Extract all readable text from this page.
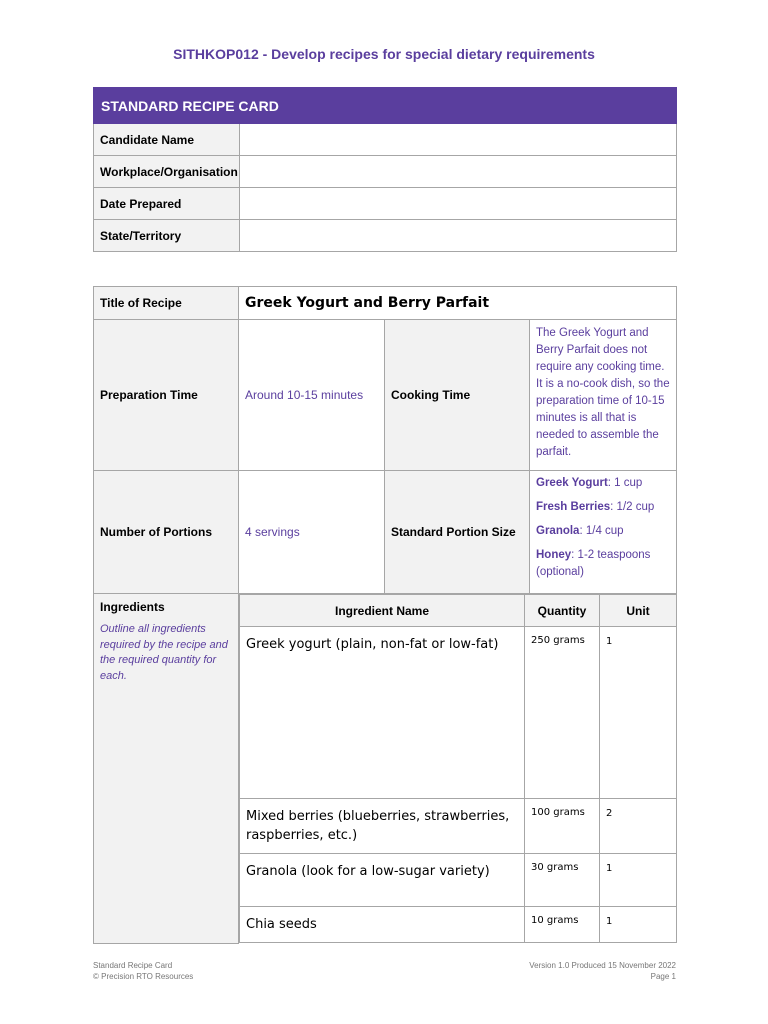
SITHKOP012 - Develop recipes for special dietary requirements
STANDARD RECIPE CARD	
Candidate Name	
Workplace/Organisation	
Date Prepared	
State/Territory	
Title of Recipe	Greek Yogurt and Berry Parfait
Preparation Time	Around 10-15 minutes	Cooking Time	The Greek Yogurt and Berry Parfait does not require any cooking time. It is a no-cook dish, so the preparation time of 10-15 minutes is all that is needed to assemble the parfait.
Number of Portions	4 servings	Standard Portion Size	
Greek Yogurt: 1 cup
Fresh Berries: 1/2 cup
Granola: 1/4 cup
Honey: 1-2 teaspoons (optional)

Ingredients
Outline all ingredients required by the recipe and the required quantity for each.

Ingredient Name	Quantity	Unit
Greek yogurt (plain, non-fat or low-fat)	250 grams	1
Mixed berries (blueberries, strawberries, raspberries, etc.)	100 grams	2
Granola (look for a low-sugar variety)	30 grams	1
Chia seeds	10 grams	1
Standard Recipe Card
© Precision RTO Resources
Version 1.0 Produced 15 November 2022
Page 1
